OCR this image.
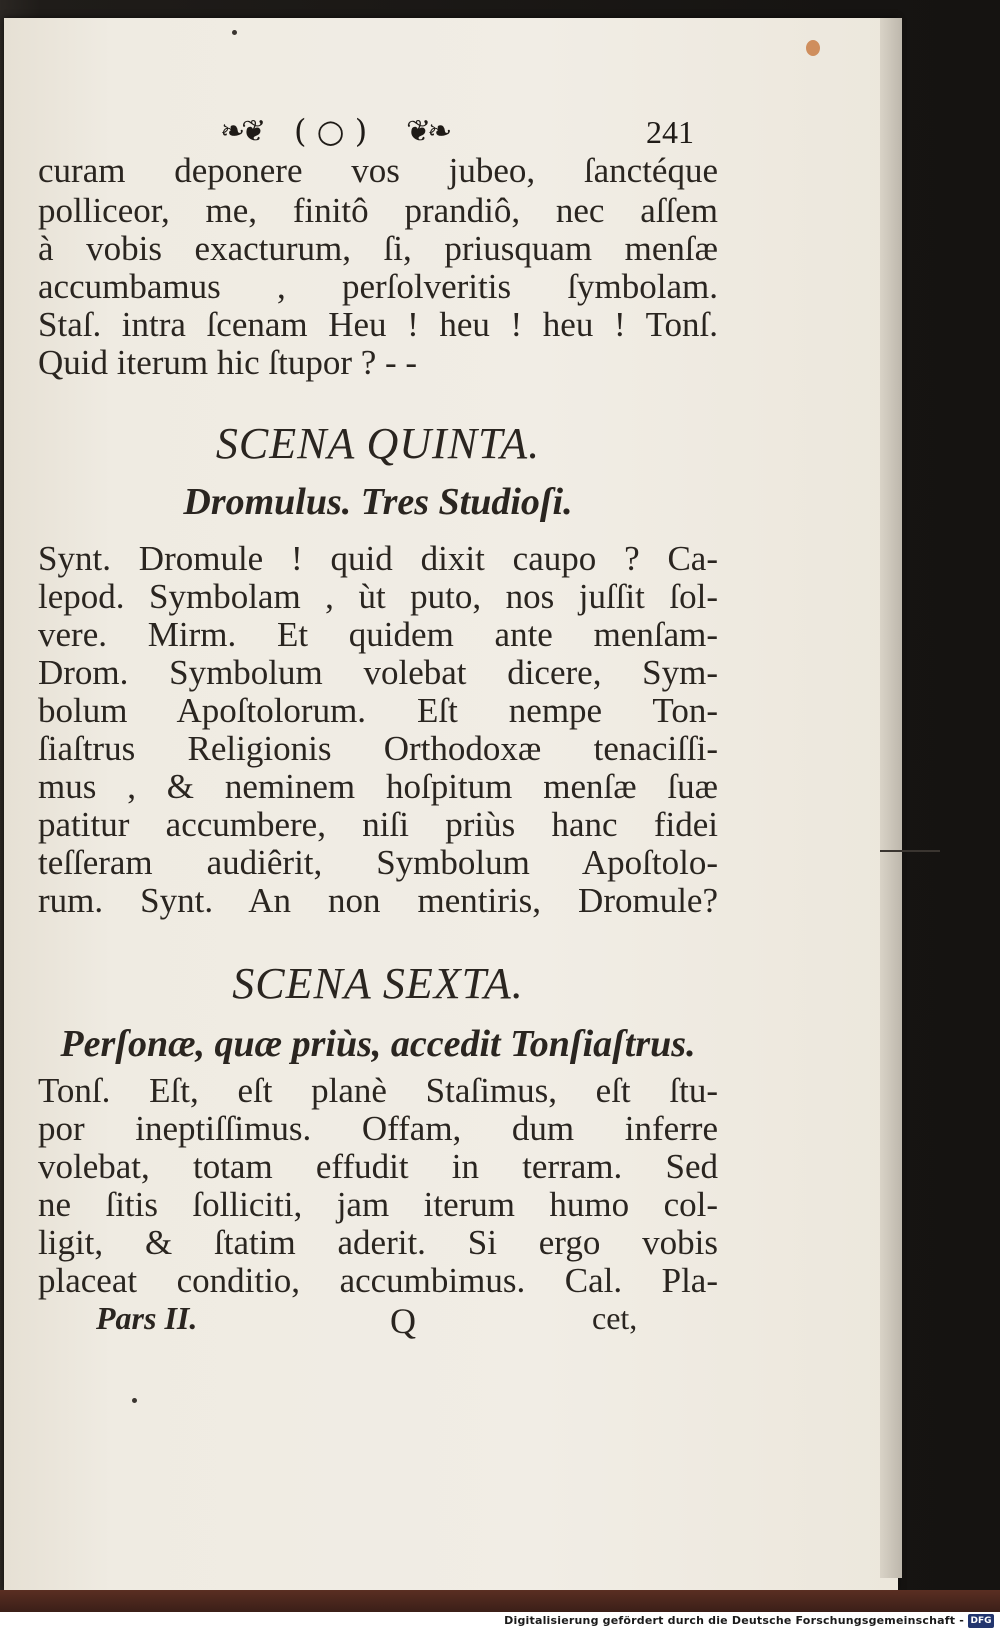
❧❦ ( ○ ) ❦❧	241
curam deponere vos jubeo, ſanctéque
polliceor, me, finitô prandiô, nec aſſem
à vobis exacturum, ſi, priusquam menſæ
accumbamus , perſolveritis ſymbolam.
Staſ. intra ſcenam Heu ! heu ! heu ! Tonſ.
Quid iterum hic ſtupor ? - -
SCENA QUINTA.
Dromulus. Tres Studioſi.
Synt. Dromule ! quid dixit caupo ? Ca-
lepod. Symbolam , ùt puto, nos juſſit ſol-
vere. Mirm. Et quidem ante menſam-
Drom. Symbolum volebat dicere, Sym-
bolum Apoſtolorum. Eſt nempe Ton-
ſiaſtrus Religionis Orthodoxæ tenaciſſi-
mus , & neminem hoſpitum menſæ ſuæ
patitur accumbere, niſi priùs hanc fidei
teſſeram audiêrit, Symbolum Apoſtolo-
rum. Synt. An non mentiris, Dromule?
SCENA SEXTA.
Perſonæ, quæ priùs, accedit Tonſiaſtrus.
Tonſ. Eſt, eſt planè Staſimus, eſt ſtu-
por ineptiſſimus. Offam, dum inferre
volebat, totam effudit in terram. Sed
ne ſitis ſolliciti, jam iterum humo col-
ligit, & ſtatim aderit. Si ergo vobis
placeat conditio, accumbimus. Cal. Pla-
Pars II.	Q	cet,
Digitalisierung gefördert durch die Deutsche Forschungsgemeinschaft - DFG
